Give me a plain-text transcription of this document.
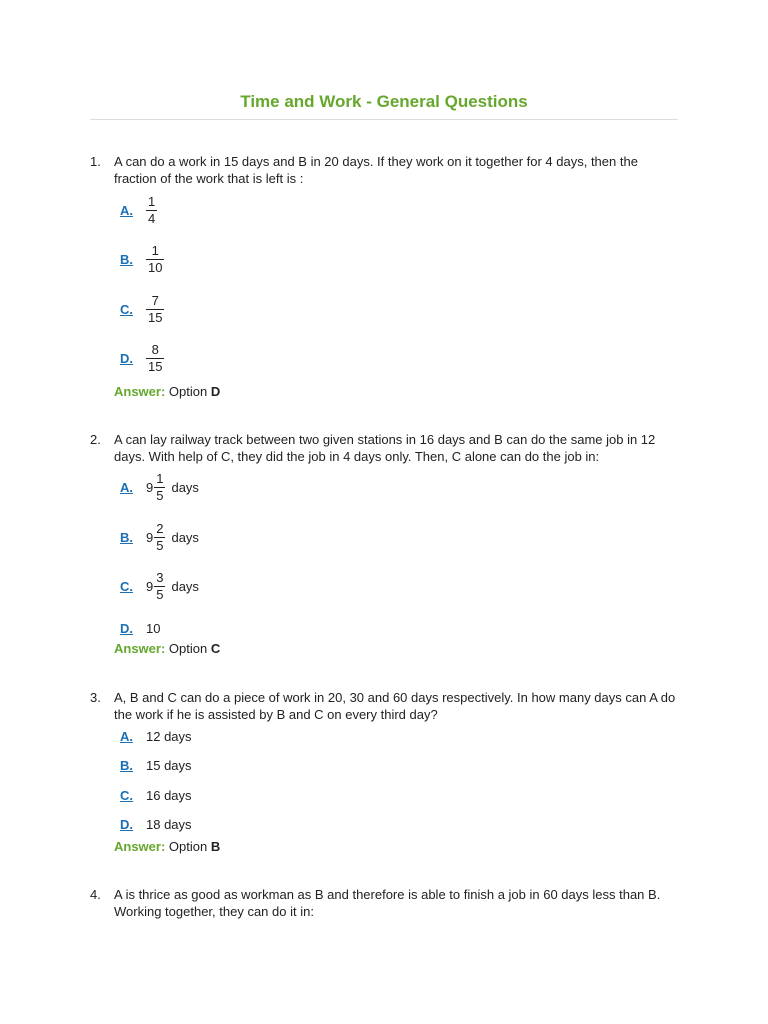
Time and Work - General Questions
1. A can do a work in 15 days and B in 20 days. If they work on it together for 4 days, then the fraction of the work that is left is :
A.	$\frac{1}{4}$
B.	$\frac{1}{10}$
C.	$\frac{7}{15}$
D.	$\frac{8}{15}$
Answer: Option D
2. A can lay railway track between two given stations in 16 days and B can do the same job in 12 days. With help of C, they did the job in 4 days only. Then, C alone can do the job in:
A.	$9 \frac{1}{5}$ days
B.	$9 \frac{2}{5}$ days
C.	$9 \frac{3}{5}$ days
D.	10
Answer: Option C
3. A, B and C can do a piece of work in 20, 30 and 60 days respectively. In how many days can A do the work if he is assisted by B and C on every third day?
A.	12 days
B.	15 days
C.	16 days
D.	18 days
Answer: Option B
4. A is thrice as good as workman as B and therefore is able to finish a job in 60 days less than B. Working together, they can do it in:
